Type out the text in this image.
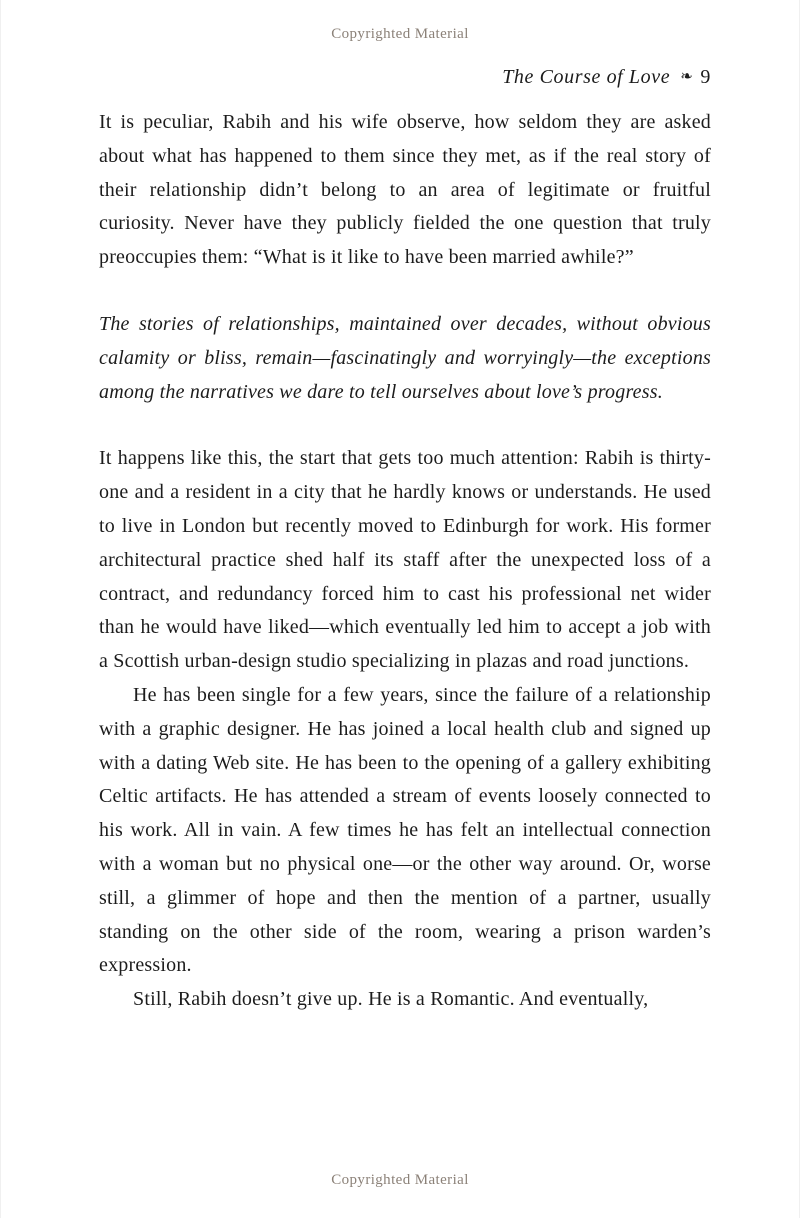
Copyrighted Material
The Course of Love ❧ 9

It is peculiar, Rabih and his wife observe, how seldom they are asked about what has happened to them since they met, as if the real story of their relationship didn’t belong to an area of legitimate or fruitful curiosity. Never have they publicly fielded the one question that truly preoccupies them: “What is it like to have been married awhile?”

The stories of relationships, maintained over decades, without obvious calamity or bliss, remain—fascinatingly and worryingly—the exceptions among the narratives we dare to tell ourselves about love’s progress.

It happens like this, the start that gets too much attention: Rabih is thirty-one and a resident in a city that he hardly knows or understands. He used to live in London but recently moved to Edinburgh for work. His former architectural practice shed half its staff after the unexpected loss of a contract, and redundancy forced him to cast his professional net wider than he would have liked—which eventually led him to accept a job with a Scottish urban-design studio specializing in plazas and road junctions.

He has been single for a few years, since the failure of a relationship with a graphic designer. He has joined a local health club and signed up with a dating Web site. He has been to the opening of a gallery exhibiting Celtic artifacts. He has attended a stream of events loosely connected to his work. All in vain. A few times he has felt an intellectual connection with a woman but no physical one—or the other way around. Or, worse still, a glimmer of hope and then the mention of a partner, usually standing on the other side of the room, wearing a prison warden’s expression.

Still, Rabih doesn’t give up. He is a Romantic. And eventually,

Copyrighted Material
